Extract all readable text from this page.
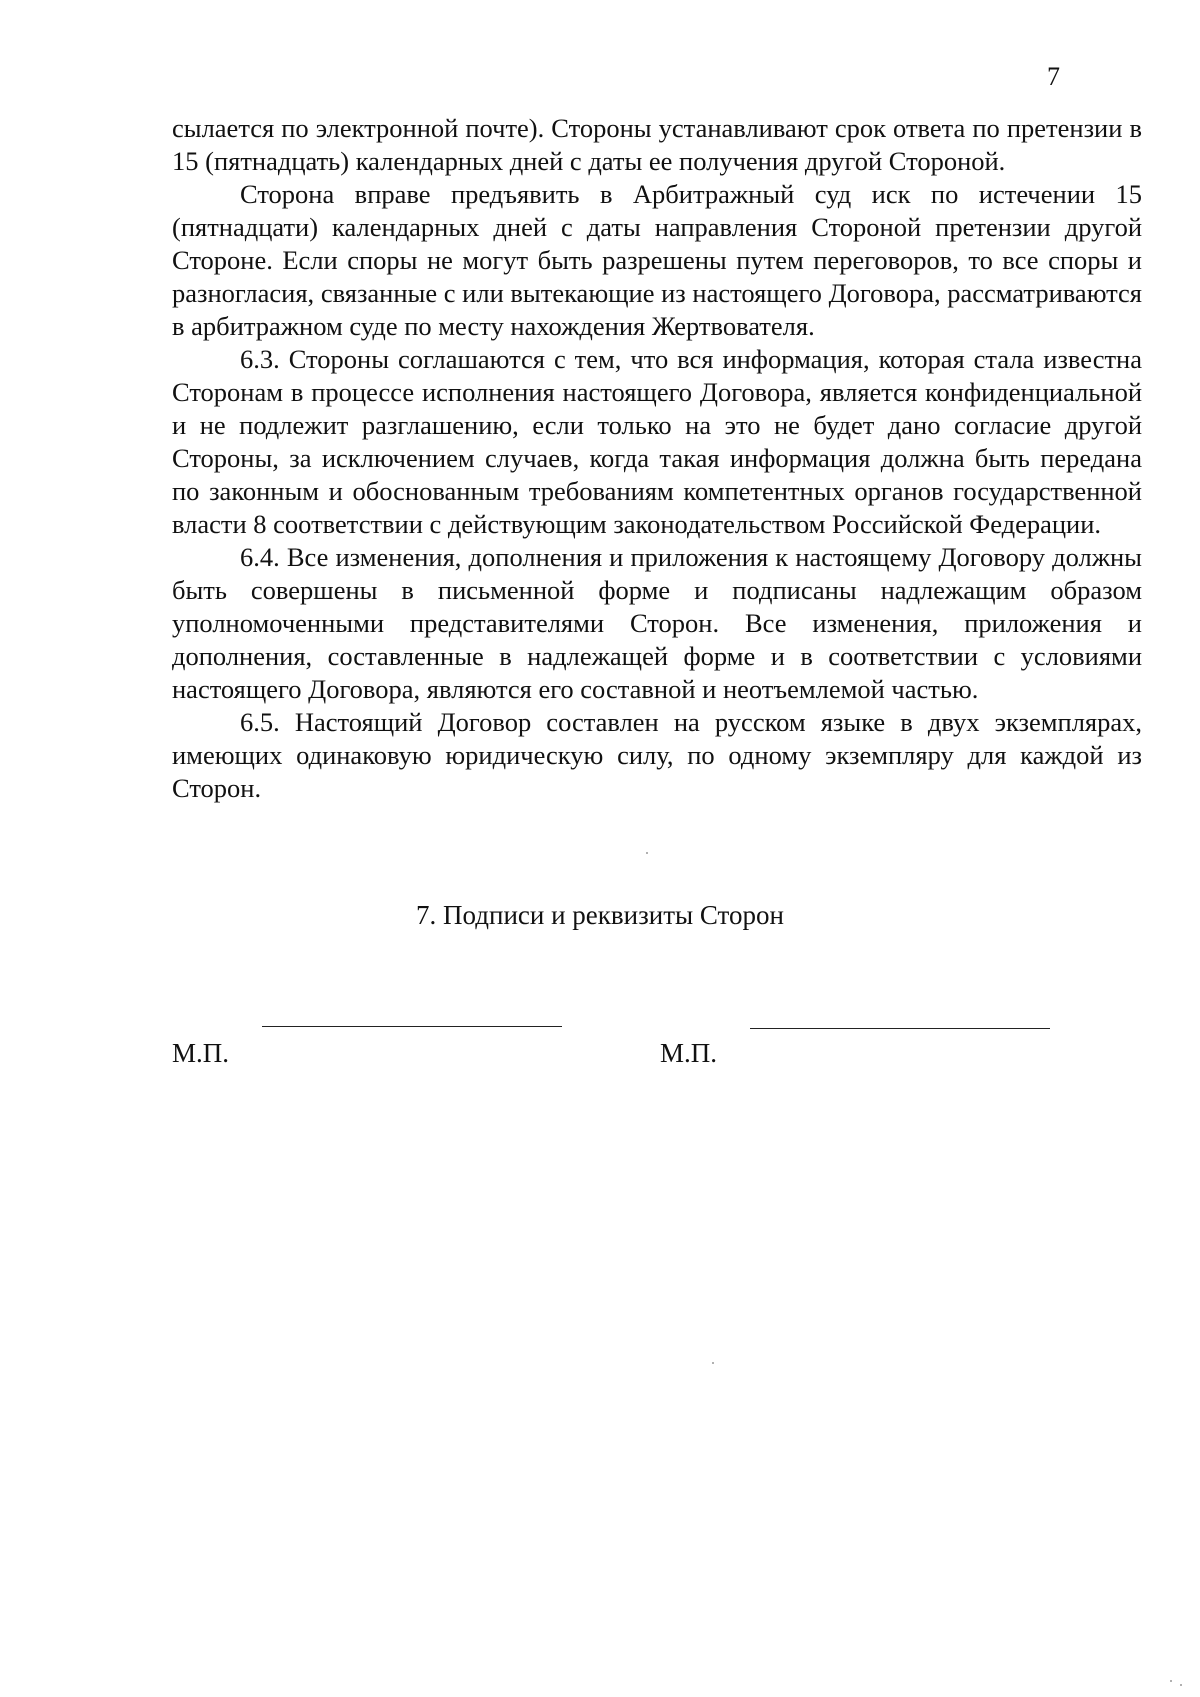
7

сылается по электронной почте). Стороны устанавливают срок ответа по претензии в 15 (пятнадцать) календарных дней с даты ее получения другой Стороной.

Сторона вправе предъявить в Арбитражный суд иск по истечении 15 (пятнадцати) календарных дней с даты направления Стороной претензии другой Стороне. Если споры не могут быть разрешены путем переговоров, то все споры и разногласия, связанные с или вытекающие из настоящего Договора, рассматриваются в арбитражном суде по месту нахождения Жертвователя.

6.3. Стороны соглашаются с тем, что вся информация, которая стала известна Сторонам в процессе исполнения настоящего Договора, является конфиденциальной и не подлежит разглашению, если только на это не будет дано согласие другой Стороны, за исключением случаев, когда такая информация должна быть передана по законным и обоснованным требованиям компетентных органов государственной власти 8 соответствии с действующим законодательством Российской Федерации.

6.4. Все изменения, дополнения и приложения к настоящему Договору должны быть совершены в письменной форме и подписаны надлежащим образом уполномоченными представителями Сторон. Все изменения, приложения и дополнения, составленные в надлежащей форме и в соответствии с условиями настоящего Договора, являются его составной и неотъемлемой частью.

6.5. Настоящий Договор составлен на русском языке в двух экземплярах, имеющих одинаковую юридическую силу, по одному экземпляру для каждой из Сторон.

7. Подписи и реквизиты Сторон
М.П.	М.П.
